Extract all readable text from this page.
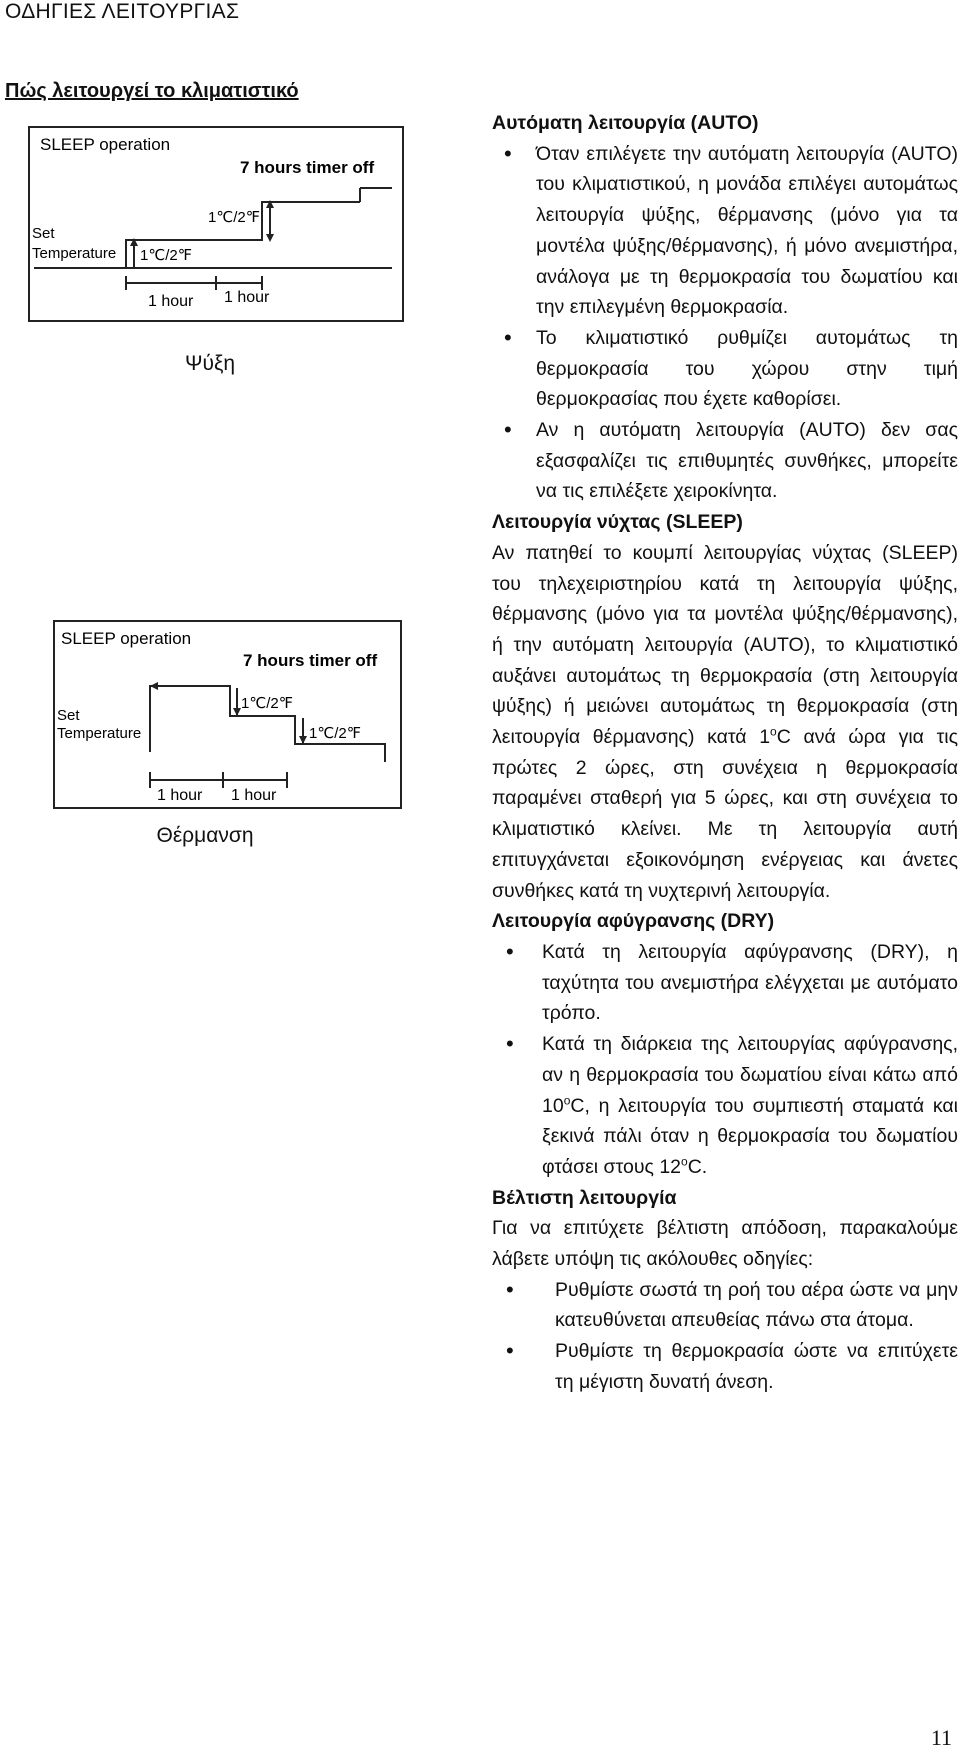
ΟΔΗΓΙΕΣ ΛΕΙΤΟΥΡΓΙΑΣ
Πώς λειτουργεί το κλιματιστικό
SLEEP operation
7 hours timer off
Set
Temperature 1℃/2℉
1℃/2℉
1 hour 1 hour
Ψύξη
SLEEP operation
7 hours timer off
Set
Temperature
1℃/2℉
1℃/2℉
1 hour 1 hour
Θέρμανση
Αυτόματη λειτουργία (AUTO)
• Όταν επιλέγετε την αυτόματη λειτουργία (AUTO) του κλιματιστικού, η μονάδα επιλέγει αυτομάτως λειτουργία ψύξης, θέρμανσης (μόνο για τα μοντέλα ψύξης/θέρμανσης), ή μόνο ανεμιστήρα, ανάλογα με τη θερμοκρασία του δωματίου και την επιλεγμένη θερμοκρασία.
• Το κλιματιστικό ρυθμίζει αυτομάτως τη θερμοκρασία του χώρου στην τιμή θερμοκρασίας που έχετε καθορίσει.
• Αν η αυτόματη λειτουργία (AUTO) δεν σας εξασφαλίζει τις επιθυμητές συνθήκες, μπορείτε να τις επιλέξετε χειροκίνητα.
Λειτουργία νύχτας (SLEEP)
Αν πατηθεί το κουμπί λειτουργίας νύχτας (SLEEP) του τηλεχειριστηρίου κατά τη λειτουργία ψύξης, θέρμανσης (μόνο για τα μοντέλα ψύξης/θέρμανσης), ή την αυτόματη λειτουργία (AUTO), το κλιματιστικό αυξάνει αυτομάτως τη θερμοκρασία (στη λειτουργία ψύξης) ή μειώνει αυτομάτως τη θερμοκρασία (στη λειτουργία θέρμανσης) κατά 1$^o$C ανά ώρα για τις πρώτες 2 ώρες, στη συνέχεια η θερμοκρασία παραμένει σταθερή για 5 ώρες, και στη συνέχεια το κλιματιστικό κλείνει. Με τη λειτουργία αυτή επιτυγχάνεται εξοικονόμηση ενέργειας και άνετες συνθήκες κατά τη νυχτερινή λειτουργία.
Λειτουργία αφύγρανσης (DRY)
• Κατά τη λειτουργία αφύγρανσης (DRY), η ταχύτητα του ανεμιστήρα ελέγχεται με αυτόματο τρόπο.
• Κατά τη διάρκεια της λειτουργίας αφύγρανσης, αν η θερμοκρασία του δωματίου είναι κάτω από 10$^o$C, η λειτουργία του συμπιεστή σταματά και ξεκινά πάλι όταν η θερμοκρασία του δωματίου φτάσει στους 12$^o$C.
Βέλτιστη λειτουργία
Για να επιτύχετε βέλτιστη απόδοση, παρακαλούμε λάβετε υπόψη τις ακόλουθες οδηγίες:
• Ρυθμίστε σωστά τη ροή του αέρα ώστε να μην κατευθύνεται απευθείας πάνω στα άτομα.
• Ρυθμίστε τη θερμοκρασία ώστε να επιτύχετε τη μέγιστη δυνατή άνεση.
11
